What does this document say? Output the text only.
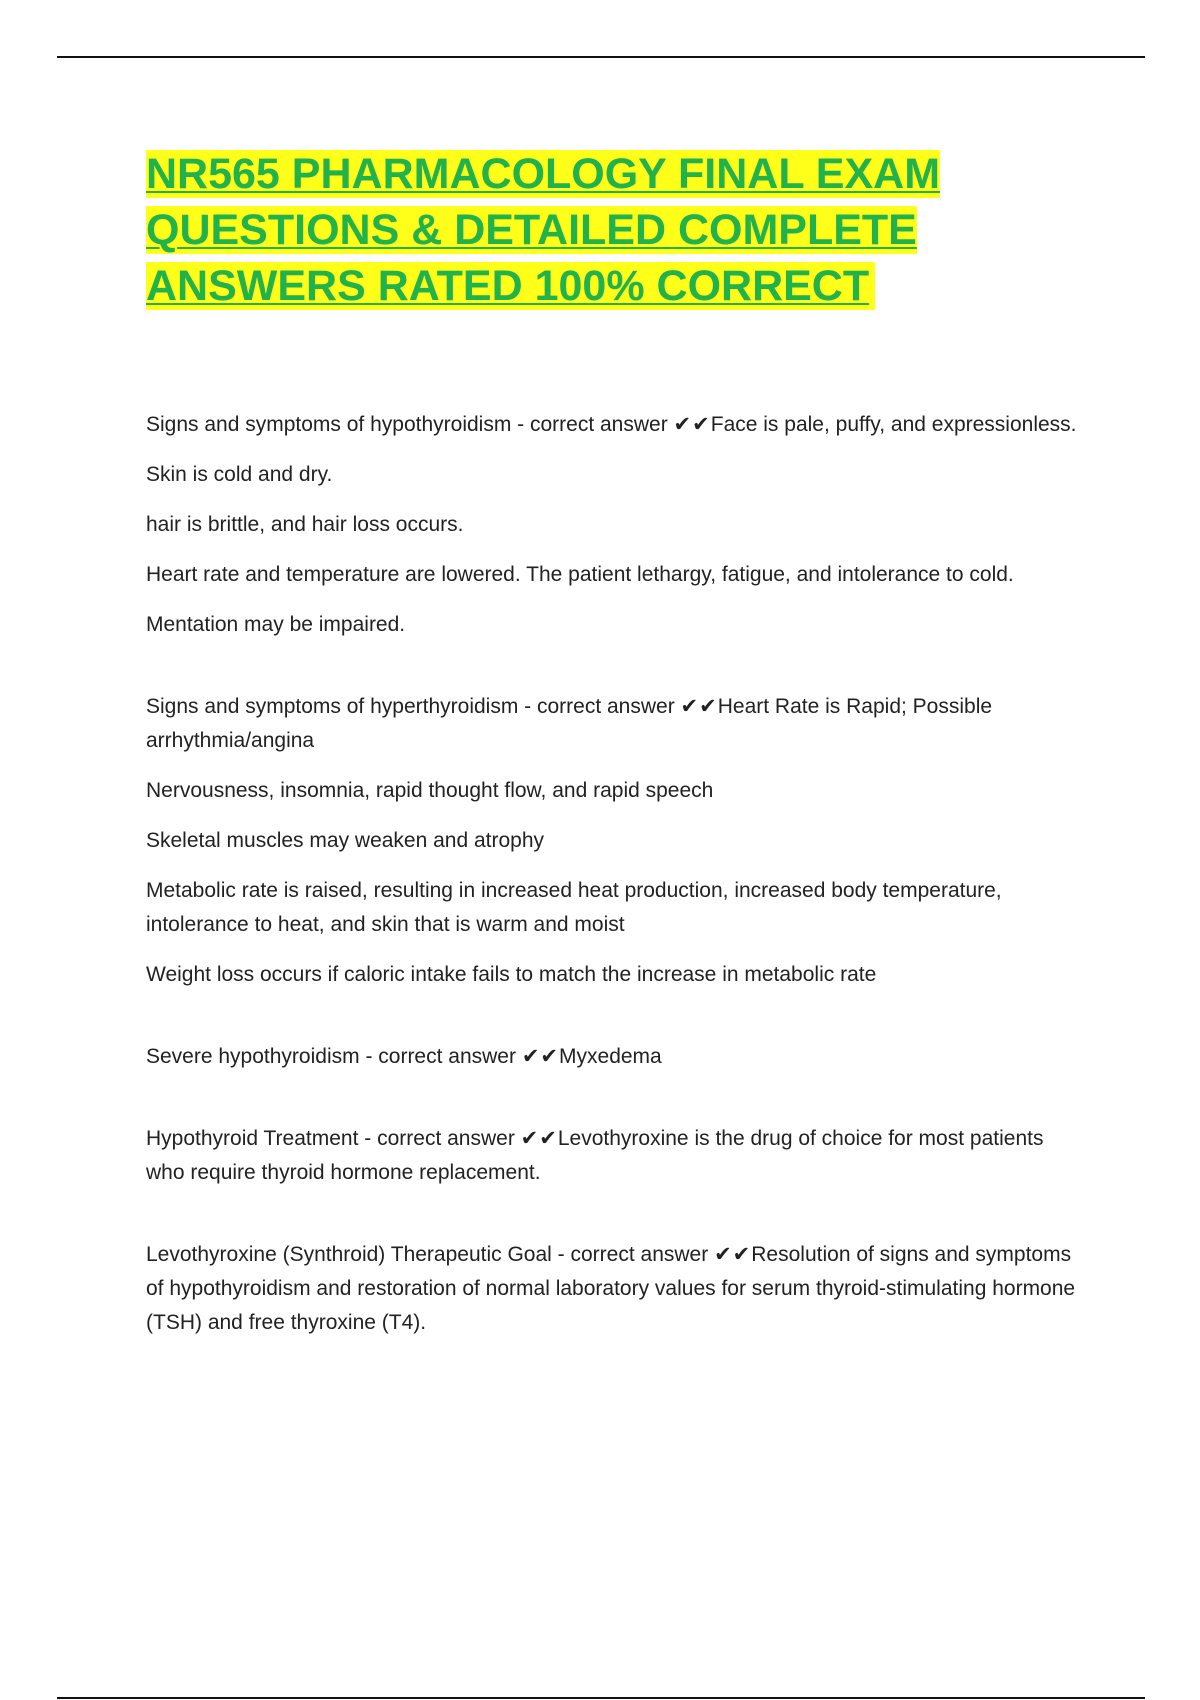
NR565 PHARMACOLOGY FINAL EXAM QUESTIONS & DETAILED COMPLETE ANSWERS RATED 100% CORRECT

Signs and symptoms of hypothyroidism - correct answer ✔✔Face is pale, puffy, and expressionless.

Skin is cold and dry.

hair is brittle, and hair loss occurs.

Heart rate and temperature are lowered. The patient lethargy, fatigue, and intolerance to cold.

Mentation may be impaired.

Signs and symptoms of hyperthyroidism - correct answer ✔✔Heart Rate is Rapid; Possible arrhythmia/angina

Nervousness, insomnia, rapid thought flow, and rapid speech

Skeletal muscles may weaken and atrophy

Metabolic rate is raised, resulting in increased heat production, increased body temperature, intolerance to heat, and skin that is warm and moist

Weight loss occurs if caloric intake fails to match the increase in metabolic rate

Severe hypothyroidism - correct answer ✔✔Myxedema

Hypothyroid Treatment - correct answer ✔✔Levothyroxine is the drug of choice for most patients who require thyroid hormone replacement.

Levothyroxine (Synthroid) Therapeutic Goal - correct answer ✔✔Resolution of signs and symptoms of hypothyroidism and restoration of normal laboratory values for serum thyroid-stimulating hormone (TSH) and free thyroxine (T4).
